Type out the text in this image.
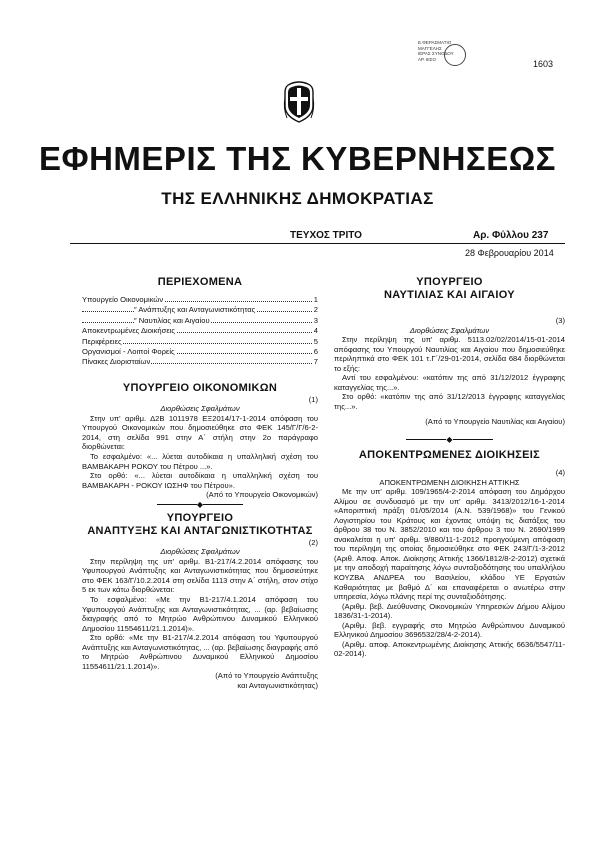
Ε.ΦΕΡΑΣΜΑΤΙΟ
ΜΑΓΓΕΛΗΣ
ΙΕΡΑΣ ΣΥΝΟΔΟΥ
ΑΡ. 6ΙΣΟ	1603
ΕΦΗΜΕΡΙΣ ΤΗΣ ΚΥΒΕΡΝΗΣΕΩΣ
ΤΗΣ ΕΛΛΗΝΙΚΗΣ ΔΗΜΟΚΡΑΤΙΑΣ
ΤΕΥΧΟΣ ΤΡΙΤΟ	Αρ. Φύλλου 237
28 Φεβρουαρίου 2014
ΠΕΡΙΕΧΟΜΕΝΑ
Υπουργείο Οικονομικών	1
″ Ανάπτυξης και Ανταγωνιστικότητας	2
″ Ναυτιλίας και Αιγαίου	3
Αποκεντρωμένες Διοικήσεις	4
Περιφέρειες	5
Οργανισμοί - Λοιποί Φορείς	6
Πίνακες Διορισταίων	7
ΥΠΟΥΡΓΕΙΟ ΟΙΚΟΝΟΜΙΚΩΝ
(1)
Διορθώσεις Σφαλμάτων

Στην υπ' αριθμ. Δ2Β 1011978 ΕΞ2014/17-1-2014 απόφαση του Υπουργού Οικονομικών που δημοσιεύθηκε στο ΦΕΚ 145/Γ/Γ/6-2-2014, στη σελίδα 991 στην Α΄ στήλη στην 2ο παράγραφο διορθώνεται:

Το εσφαλμένο: «... λύεται αυτοδίκαια η υπαλληλική σχέση του ΒΑΜΒΑΚΑΡΗ ΡΟΚΟΥ του Πέτρου ...».

Στο ορθό: «... λύεται αυτοδίκαια η υπαλληλική σχέση του ΒΑΜΒΑΚΑΡΗ - ΡΟΚΟΥ ΙΩΣΗΦ του Πέτρου».

(Από το Υπουργείο Οικονομικών)
◆
ΥΠΟΥΡΓΕΙΟ
ΑΝΑΠΤΥΞΗΣ ΚΑΙ ΑΝΤΑΓΩΝΙΣΤΙΚΟΤΗΤΑΣ
(2)
Διορθώσεις Σφαλμάτων

Στην περίληψη της υπ' αριθμ. Β1-217/4.2.2014 απόφασης του Υφυπουργού Ανάπτυξης και Ανταγωνιστικότητας που δημοσιεύτηκε στο ΦΕΚ 163/Γ/10.2.2014 στη σελίδα 1113 στην Α΄ στήλη, στον στίχο 5 εκ των κάτω διορθώνεται:

Το εσφαλμένο: «Με την Β1-217/4.1.2014 απόφαση του Υφυπουργού Ανάπτυξης και Ανταγωνιστικότητας, ... (αρ. βεβαίωσης διαγραφής από το Μητρώο Ανθρώπινου Δυναμικού Ελληνικού Δημοσίου 11554611/21.1.2014)».

Στο ορθό: «Με την Β1-217/4.2.2014 απόφαση του Υφυπουργού Ανάπτυξης και Ανταγωνιστικότητας, ... (αρ. βεβαίωσης διαγραφής από το Μητρώο Ανθρώπινου Δυναμικού Ελληνικού Δημοσίου 11554611/21.1.2014)».

(Από το Υπουργείο Ανάπτυξης
και Ανταγωνιστικότητας)
ΥΠΟΥΡΓΕΙΟ
ΝΑΥΤΙΛΙΑΣ ΚΑΙ ΑΙΓΑΙΟΥ
(3)
Διορθώσεις Σφαλμάτων

Στην περίληψη της υπ' αριθμ. 5113.02/02/2014/15-01-2014 απόφασης του Υπουργού Ναυτιλίας και Αιγαίου που δημοσιεύθηκε περιληπτικά στο ΦΕΚ 101 τ.Γ΄/29-01-2014, σελίδα 684 διορθώνεται το εξής:

Αντί του εσφαλμένου: «κατόπιν της από 31/12/2012 έγγραφης καταγγελίας της...».

Στο ορθό: «κατόπιν της από 31/12/2013 έγγραφης καταγγελίας της...».

(Από το Υπουργείο Ναυτιλίας και Αιγαίου)
◆
ΑΠΟΚΕΝΤΡΩΜΕΝΕΣ ΔΙΟΙΚΗΣΕΙΣ
(4)
ΑΠΟΚΕΝΤΡΩΜΕΝΗ ΔΙΟΙΚΗΣΗ ΑΤΤΙΚΗΣ

Με την υπ' αριθμ. 109/1965/4-2-2014 απόφαση του Δημάρχου Αλίμου σε συνδυασμό με την υπ' αριθμ. 3413/2012/16-1-2014 «Αποριπτική πράξη 01/05/2014 (Α.Ν. 539/1968)» του Γενικού Λογιστηρίου του Κράτους και έχοντας υπόψη τις διατάξεις του άρθρου 38 του Ν. 3852/2010 και του άρθρου 3 του Ν. 2690/1999 ανακαλείται η υπ' αριθμ. 9/880/11-1-2012 προηγούμενη απόφαση του περίληψη της οποίας δημοσιεύθηκε στο ΦΕΚ 243/Γ/1-3-2012 (Αριθ. Αποφ. Αποκ. Διοίκησης Αττικής 1366/1812/8-2-2012) σχετικά με την αποδοχή παραίτησης λόγω συνταξιοδότησης του υπαλλήλου ΚΟΥΖΒΑ ΑΝΔΡΕΑ του Βασιλείου, κλάδου ΥΕ Εργατών Καθαριότητας με βαθμό Δ΄ και επαναφέρεται ο ανωτέρω στην υπηρεσία, λόγω πλάνης περί της συνταξιοδότησης.

(Αριθμ. βεβ. Διεύθυνσης Οικονομικών Υπηρεσιών Δήμου Αλίμου 1836/31-1-2014).

(Αριθμ. βεβ. εγγραφής στο Μητρώο Ανθρώπινου Δυναμικού Ελληνικού Δημοσίου 3696532/28/4-2-2014).

(Αριθμ. αποφ. Αποκεντρωμένης Διοίκησης Αττικής 6636/5547/11-02-2014).
